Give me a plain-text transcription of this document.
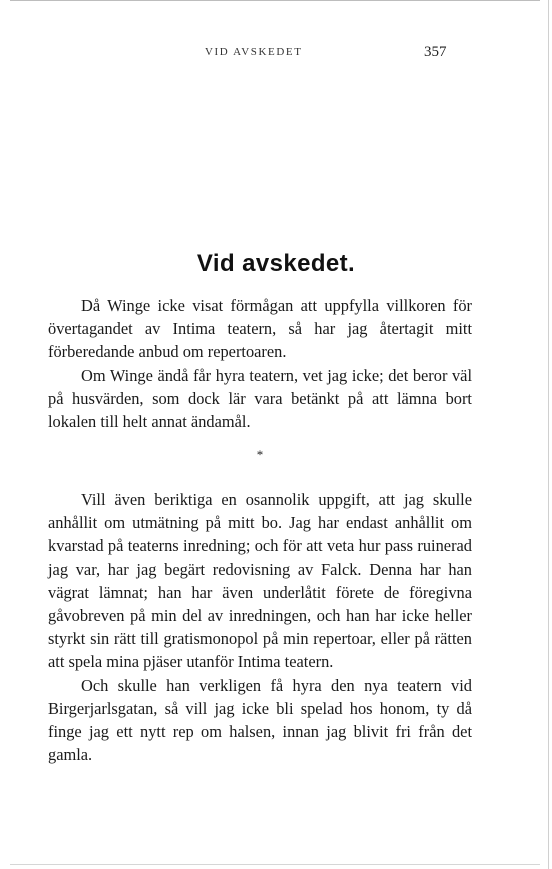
VID AVSKEDET	357
Vid avskedet.

Då Winge icke visat förmågan att uppfylla villkoren för övertagandet av Intima teatern, så har jag återtagit mitt förberedande anbud om repertoaren.

Om Winge ändå får hyra teatern, vet jag icke; det beror väl på husvärden, som dock lär vara betänkt på att lämna bort lokalen till helt annat ändamål.

*

Vill även beriktiga en osannolik uppgift, att jag skulle anhållit om utmätning på mitt bo. Jag har endast anhållit om kvarstad på teaterns inredning; och för att veta hur pass ruinerad jag var, har jag begärt redovisning av Falck. Denna har han vägrat lämnat; han har även underlåtit förete de föregivna gåvobreven på min del av inredningen, och han har icke heller styrkt sin rätt till gratismonopol på min repertoar, eller på rätten att spela mina pjäser utanför Intima teatern.

Och skulle han verkligen få hyra den nya teatern vid Birgerjarlsgatan, så vill jag icke bli spelad hos honom, ty då finge jag ett nytt rep om halsen, innan jag blivit fri från det gamla.
